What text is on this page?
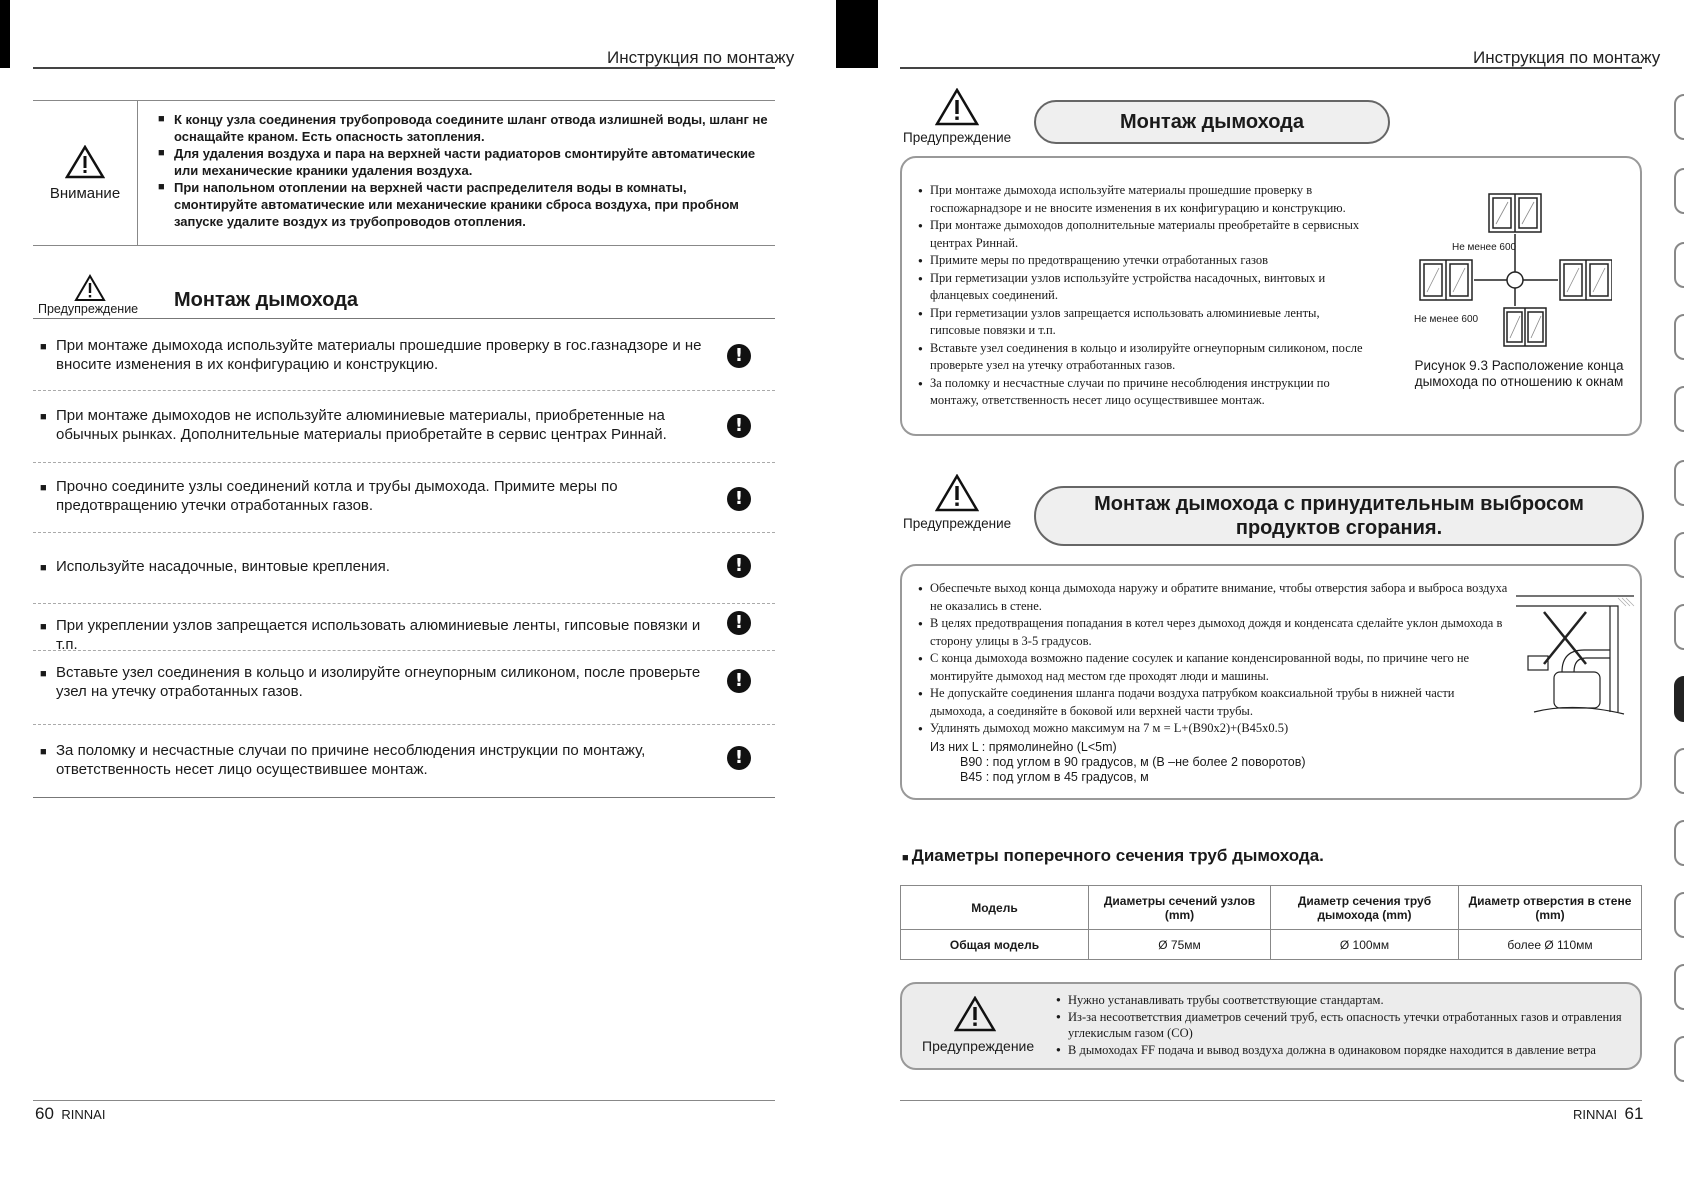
Инструкция по монтажу
Внимание

■ К концу узла соединения трубопровода соедините шланг отвода излишней воды, шланг не оснащайте краном. Есть опасность затопления.

■ Для удаления воздуха и пара на верхней части радиаторов смонтируйте автоматические или механические краники удаления воздуха.

■ При напольном отоплении на верхней части распределителя воды в комнаты, смонтируйте автоматические или механические краники сброса воздуха, при пробном запуске удалите воздух из трубопроводов отопления.

Предупреждение Монтаж дымохода
■ При монтаже дымохода используйте материалы прошедшие проверку в гос.газнадзоре и не вносите изменения в их конфигурацию и конструкцию.	!
■ При монтаже дымоходов не используйте алюминиевые материалы, приобретенные на обычных рынках. Дополнительные материалы приобретайте в сервис центрах Риннай.	!
■ Прочно соедините узлы соединений котла и трубы дымохода. Примите меры по предотвращению утечки отработанных газов.	!
■ Используйте насадочные, винтовые крепления.	!
■ При укреплении узлов запрещается использовать алюминиевые ленты, гипсовые повязки и т.п.
!
■ Вставьте узел соединения в кольцо и изолируйте огнеупорным силиконом, после проверьте узел на утечку отработанных газов.
!
■ За поломку и несчастные случаи по причине несоблюдения инструкции по монтажу, ответственность несет лицо осуществившее монтаж.
!
60 RINNAI
Инструкция по монтажу
Предупреждение
Монтаж дымохода

● При монтаже дымохода используйте материалы прошедшие проверку в госпожарнадзоре и не вносите изменения в их конфигурацию и конструкцию.

● При монтаже дымоходов дополнительные материалы преобретайте в сервисных центрах Риннай.

● Примите меры по предотвращению утечки отработанных газов

● При герметизации узлов используйте устройства насадочных, винтовых и фланцевых соединений.

● При герметизации узлов запрещается использовать алюминиевые ленты, гипсовые повязки и т.п.

● Вставьте узел соединения в кольцо и изолируйте огнеупорным силиконом, после проверьте узел на утечку отработанных газов.

● За поломку и несчастные случаи по причине несоблюдения инструкции по монтажу, ответственность несет лицо осуществившее монтаж.

Не менее 600
Не менее 600
Рисунок 9.3 Расположение конца дымохода по отношению к окнам
Предупреждение
Монтаж дымохода с принудительным выбросом продуктов сгорания.

● Обеспечьте выход конца дымохода наружу и обратите внимание, чтобы отверстия забора и выброса воздуха не оказались в стене.

● В целях предотвращения попадания в котел через дымоход дождя и конденсата сделайте уклон дымохода в сторону улицы в 3-5 градусов.

● С конца дымохода возможно падение сосулек и капание конденсированной воды, по причине чего не монтируйте дымоход над местом где проходят люди и машины.

● Не допускайте соединения шланга подачи воздуха патрубком коаксиальной трубы в нижней части дымохода, а соединяйте в боковой или верхней части трубы.

● Удлинять дымоход можно максимум на 7 м = L+(B90x2)+(B45x0.5)

Из них L : прямолинейно (L<5m)
B90 : под углом в 90 градусов, м (B –не более 2 поворотов)
B45 : под углом в 45 градусов, м
■ Диаметры поперечного сечения труб дымохода.
Модель	Диаметры сечений узлов (mm)	Диаметр сечения труб дымохода (mm)	Диаметр отверстия в стене (mm)
Общая модель	Ø 75мм	Ø 100мм	более Ø 110мм
Предупреждение

● Нужно устанавливать трубы соответствующие стандартам.

● Из-за несоответствия диаметров сечений труб, есть опасность утечки отработанных газов и отравления углекислым газом (CO)

● В дымоходах FF подача и вывод воздуха должна в одинаковом порядке находится в давление ветра

RINNAI 61
